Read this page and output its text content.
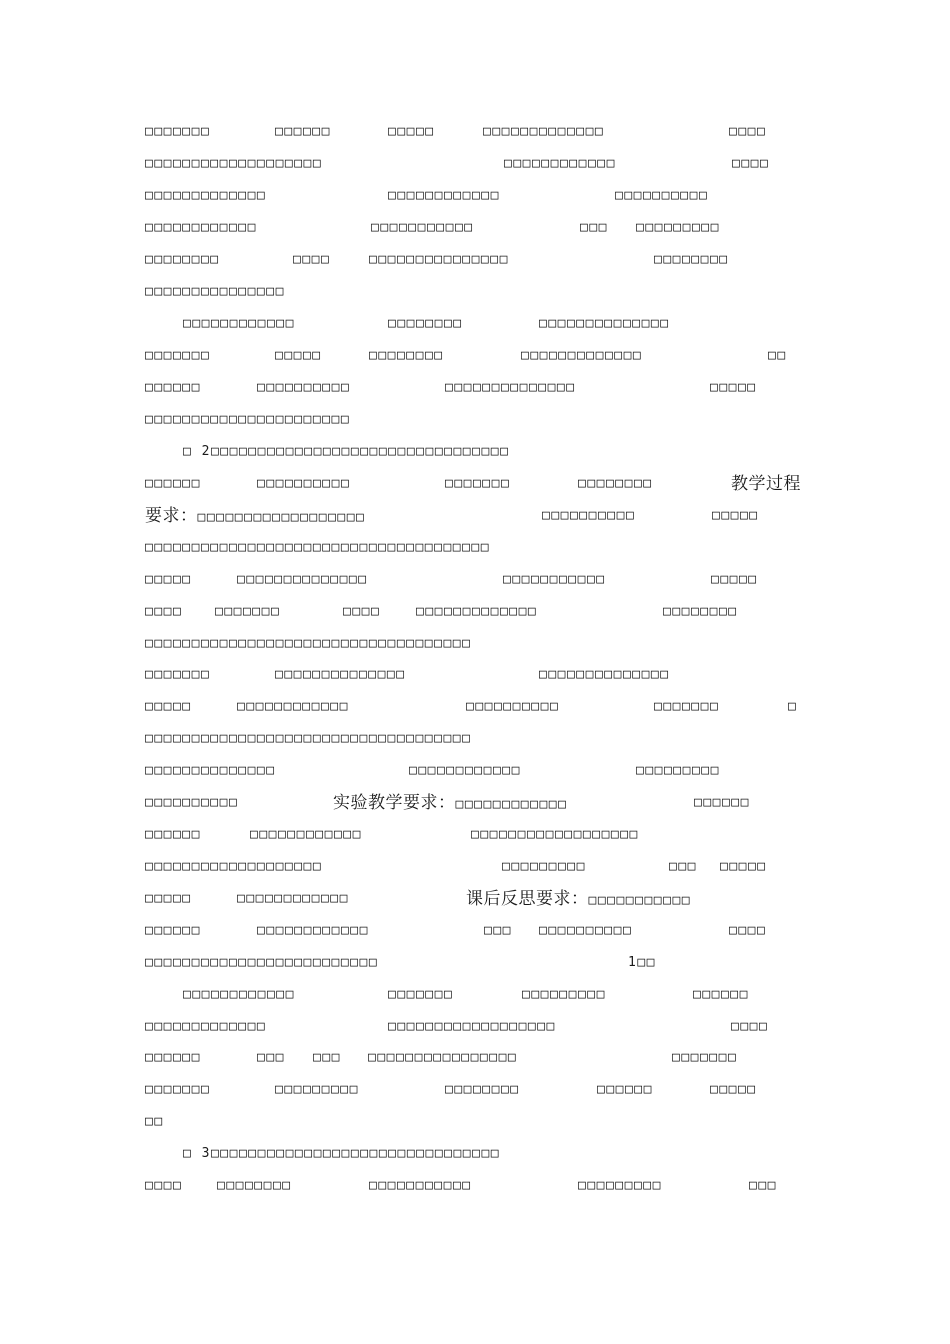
□□□□□□□	□□□□□□	□□□□□	□□□□□□□□□□□□□	□□□□
□□□□□□□□□□□□□□□□□□□	□□□□□□□□□□□□	□□□□
□□□□□□□□□□□□□	□□□□□□□□□□□□	□□□□□□□□□□
□□□□□□□□□□□□	□□□□□□□□□□□	□□□ □□□□□□□□□
□□□□□□□□	□□□□	□□□□□□□□□□□□□□□	□□□□□□□□
□□□□□□□□□□□□□□□
□□□□□□□□□□□□	□□□□□□□□	□□□□□□□□□□□□□□
□□□□□□□	□□□□□	□□□□□□□□	□□□□□□□□□□□□□	□□
□□□□□□	□□□□□□□□□□	□□□□□□□□□□□□□□	□□□□□
□□□□□□□□□□□□□□□□□□□□□□
□ 2□□□□□□□□□□□□□□□□□□□□□□□□□□□□□□□□
□□□□□□	□□□□□□□□□□	□□□□□□□	□□□□□□□□	教学过程
要求：□□□□□□□□□□□□□□□□□□	□□□□□□□□□□	□□□□□
□□□□□□□□□□□□□□□□□□□□□□□□□□□□□□□□□□□□□
□□□□□	□□□□□□□□□□□□□□	□□□□□□□□□□□	□□□□□
□□□□	□□□□□□□	□□□□	□□□□□□□□□□□□□	□□□□□□□□
□□□□□□□□□□□□□□□□□□□□□□□□□□□□□□□□□□□
□□□□□□□	□□□□□□□□□□□□□□	□□□□□□□□□□□□□□
□□□□□	□□□□□□□□□□□□	□□□□□□□□□□	□□□□□□□	□
□□□□□□□□□□□□□□□□□□□□□□□□□□□□□□□□□□□
□□□□□□□□□□□□□□	□□□□□□□□□□□□	□□□□□□□□□
□□□□□□□□□□	实验教学要求：□□□□□□□□□□□□	□□□□□□
□□□□□□	□□□□□□□□□□□□	□□□□□□□□□□□□□□□□□□
□□□□□□□□□□□□□□□□□□□	□□□□□□□□□	□□□ □□□□□
□□□□□	□□□□□□□□□□□□	课后反思要求：□□□□□□□□□□□
□□□□□□	□□□□□□□□□□□□	□□□ □□□□□□□□□□	□□□□
□□□□□□□□□□□□□□□□□□□□□□□□□	1□□
□□□□□□□□□□□□	□□□□□□□	□□□□□□□□□	□□□□□□
□□□□□□□□□□□□□	□□□□□□□□□□□□□□□□□□	□□□□
□□□□□□	□□□ □□□ □□□□□□□□□□□□□□□□	□□□□□□□
□□□□□□□	□□□□□□□□□	□□□□□□□□	□□□□□□	□□□□□
□□
□ 3□□□□□□□□□□□□□□□□□□□□□□□□□□□□□□□
□□□□	□□□□□□□□	□□□□□□□□□□□	□□□□□□□□□	□□□
